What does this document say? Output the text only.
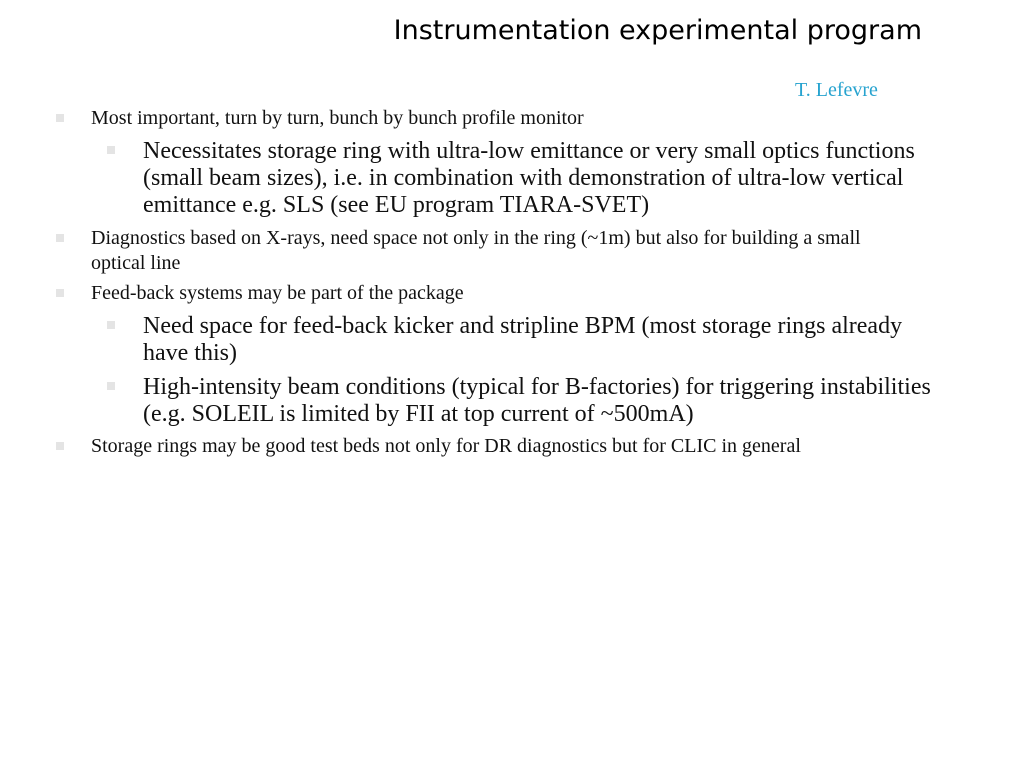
Instrumentation experimental program
T. Lefevre
Most important, turn by turn, bunch by bunch profile monitor
Necessitates storage ring with ultra-low emittance or very small optics functions (small beam sizes), i.e. in combination with demonstration of ultra-low vertical emittance e.g. SLS (see EU program TIARA-SVET)
Diagnostics based on X-rays, need space not only in the ring (~1m) but also for building a small optical line
Feed-back systems may be part of the package
Need space for feed-back kicker and stripline BPM (most storage rings already have this)
High-intensity beam conditions (typical for B-factories) for triggering instabilities (e.g. SOLEIL is limited by FII at top current of ~500mA)
Storage rings may be good test beds not only for DR diagnostics but for CLIC in general
